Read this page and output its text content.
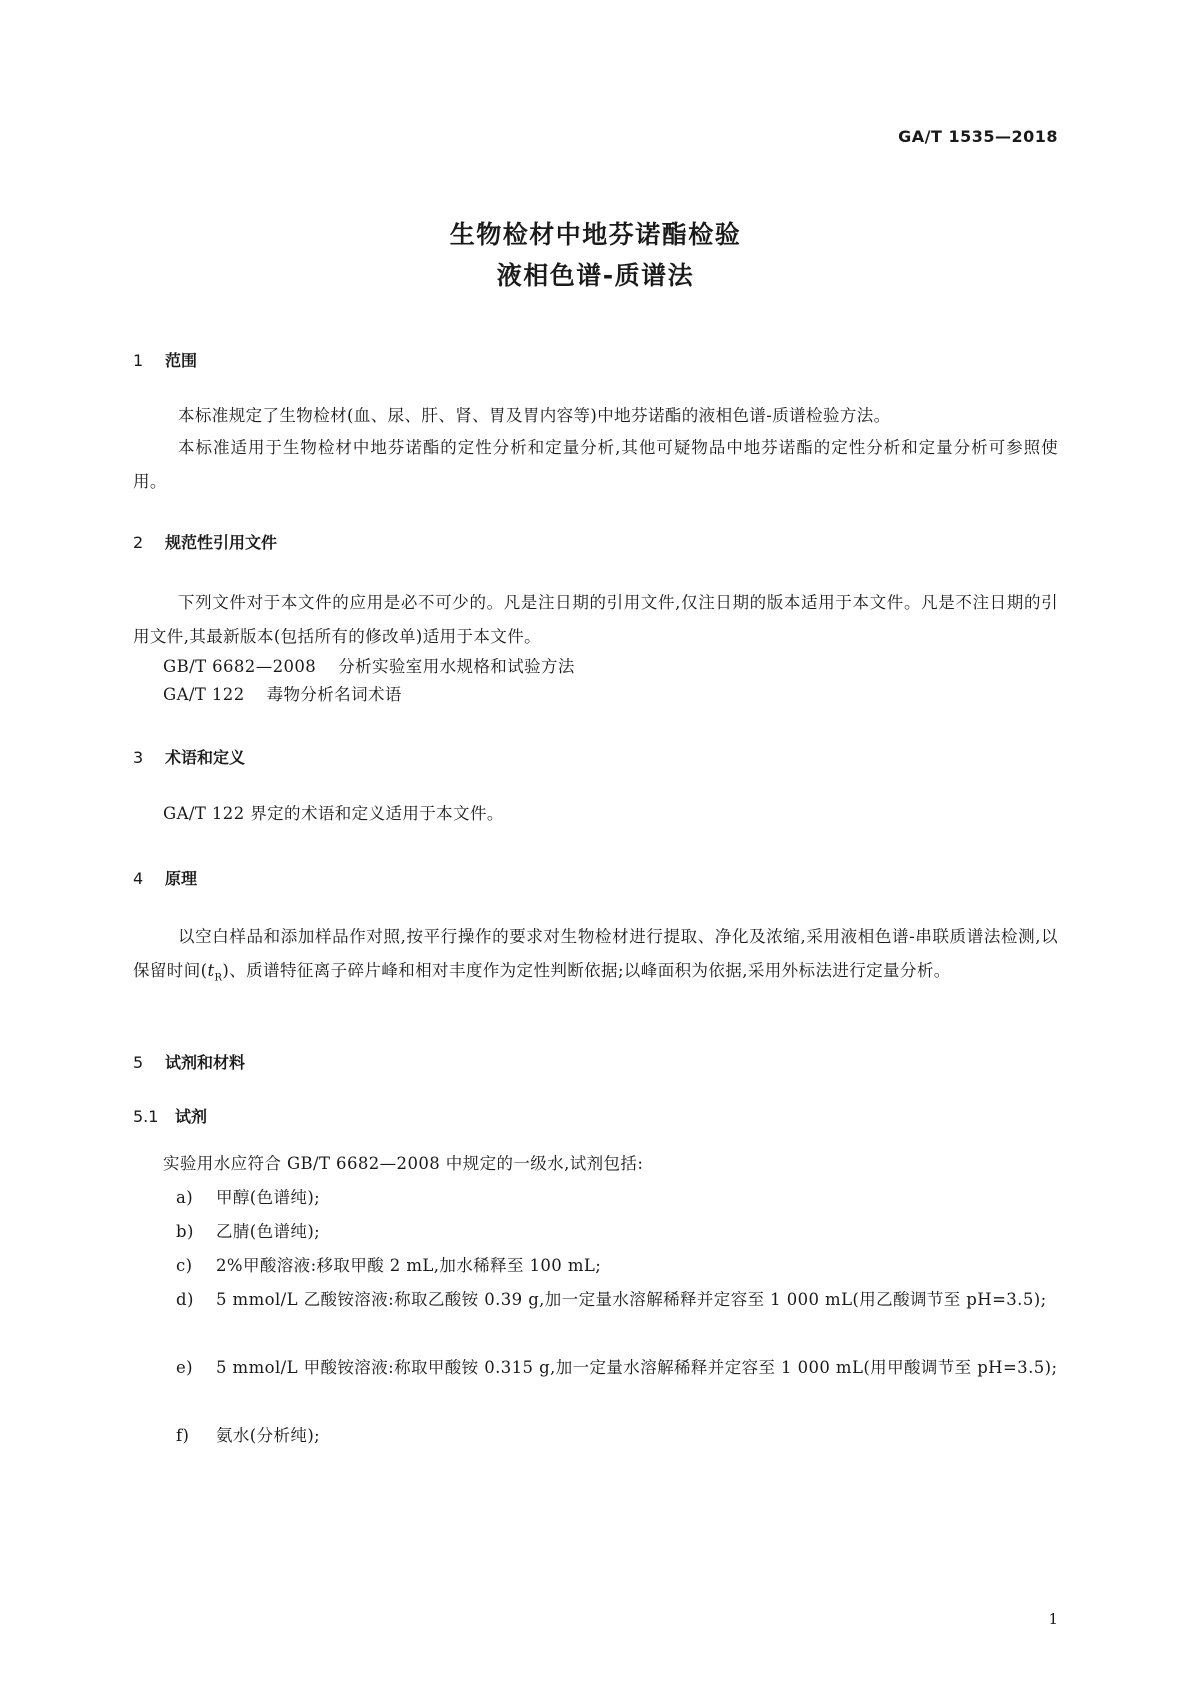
GA/T 1535—2018
生物检材中地芬诺酯检验
液相色谱-质谱法
1 范围
本标准规定了生物检材(血、尿、肝、肾、胃及胃内容等)中地芬诺酯的液相色谱-质谱检验方法。
本标准适用于生物检材中地芬诺酯的定性分析和定量分析,其他可疑物品中地芬诺酯的定性分析和定量分析可参照使用。
2 规范性引用文件
下列文件对于本文件的应用是必不可少的。凡是注日期的引用文件,仅注日期的版本适用于本文件。凡是不注日期的引用文件,其最新版本(包括所有的修改单)适用于本文件。
GB/T 6682—2008 分析实验室用水规格和试验方法
GA/T 122 毒物分析名词术语
3 术语和定义
GA/T 122 界定的术语和定义适用于本文件。
4 原理
以空白样品和添加样品作对照,按平行操作的要求对生物检材进行提取、净化及浓缩,采用液相色谱-串联质谱法检测,以保留时间$(t_R)$、质谱特征离子碎片峰和相对丰度作为定性判断依据;以峰面积为依据,采用外标法进行定量分析。
5 试剂和材料
5.1 试剂
实验用水应符合 GB/T 6682—2008 中规定的一级水,试剂包括:
a) 甲醇(色谱纯);
b) 乙腈(色谱纯);
c) 2%甲酸溶液:移取甲酸 2 mL,加水稀释至 100 mL;
d) 5 mmol/L 乙酸铵溶液:称取乙酸铵 0.39 g,加一定量水溶解稀释并定容至 1 000 mL(用乙酸调节至 pH=3.5);
e) 5 mmol/L 甲酸铵溶液:称取甲酸铵 0.315 g,加一定量水溶解稀释并定容至 1 000 mL(用甲酸调节至 pH=3.5);
f) 氨水(分析纯);
1
